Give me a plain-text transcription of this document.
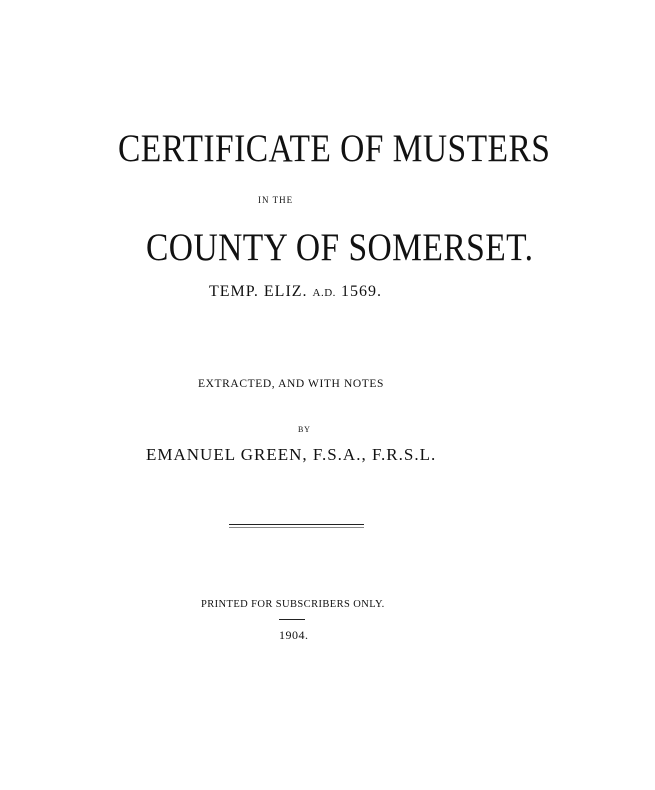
CERTIFICATE OF MUSTERS
IN THE
COUNTY OF SOMERSET.
TEMP. ELIZ. A.D. 1569.
EXTRACTED, AND WITH NOTES
BY
EMANUEL GREEN, F.S.A., F.R.S.L.
PRINTED FOR SUBSCRIBERS ONLY.
1904.
